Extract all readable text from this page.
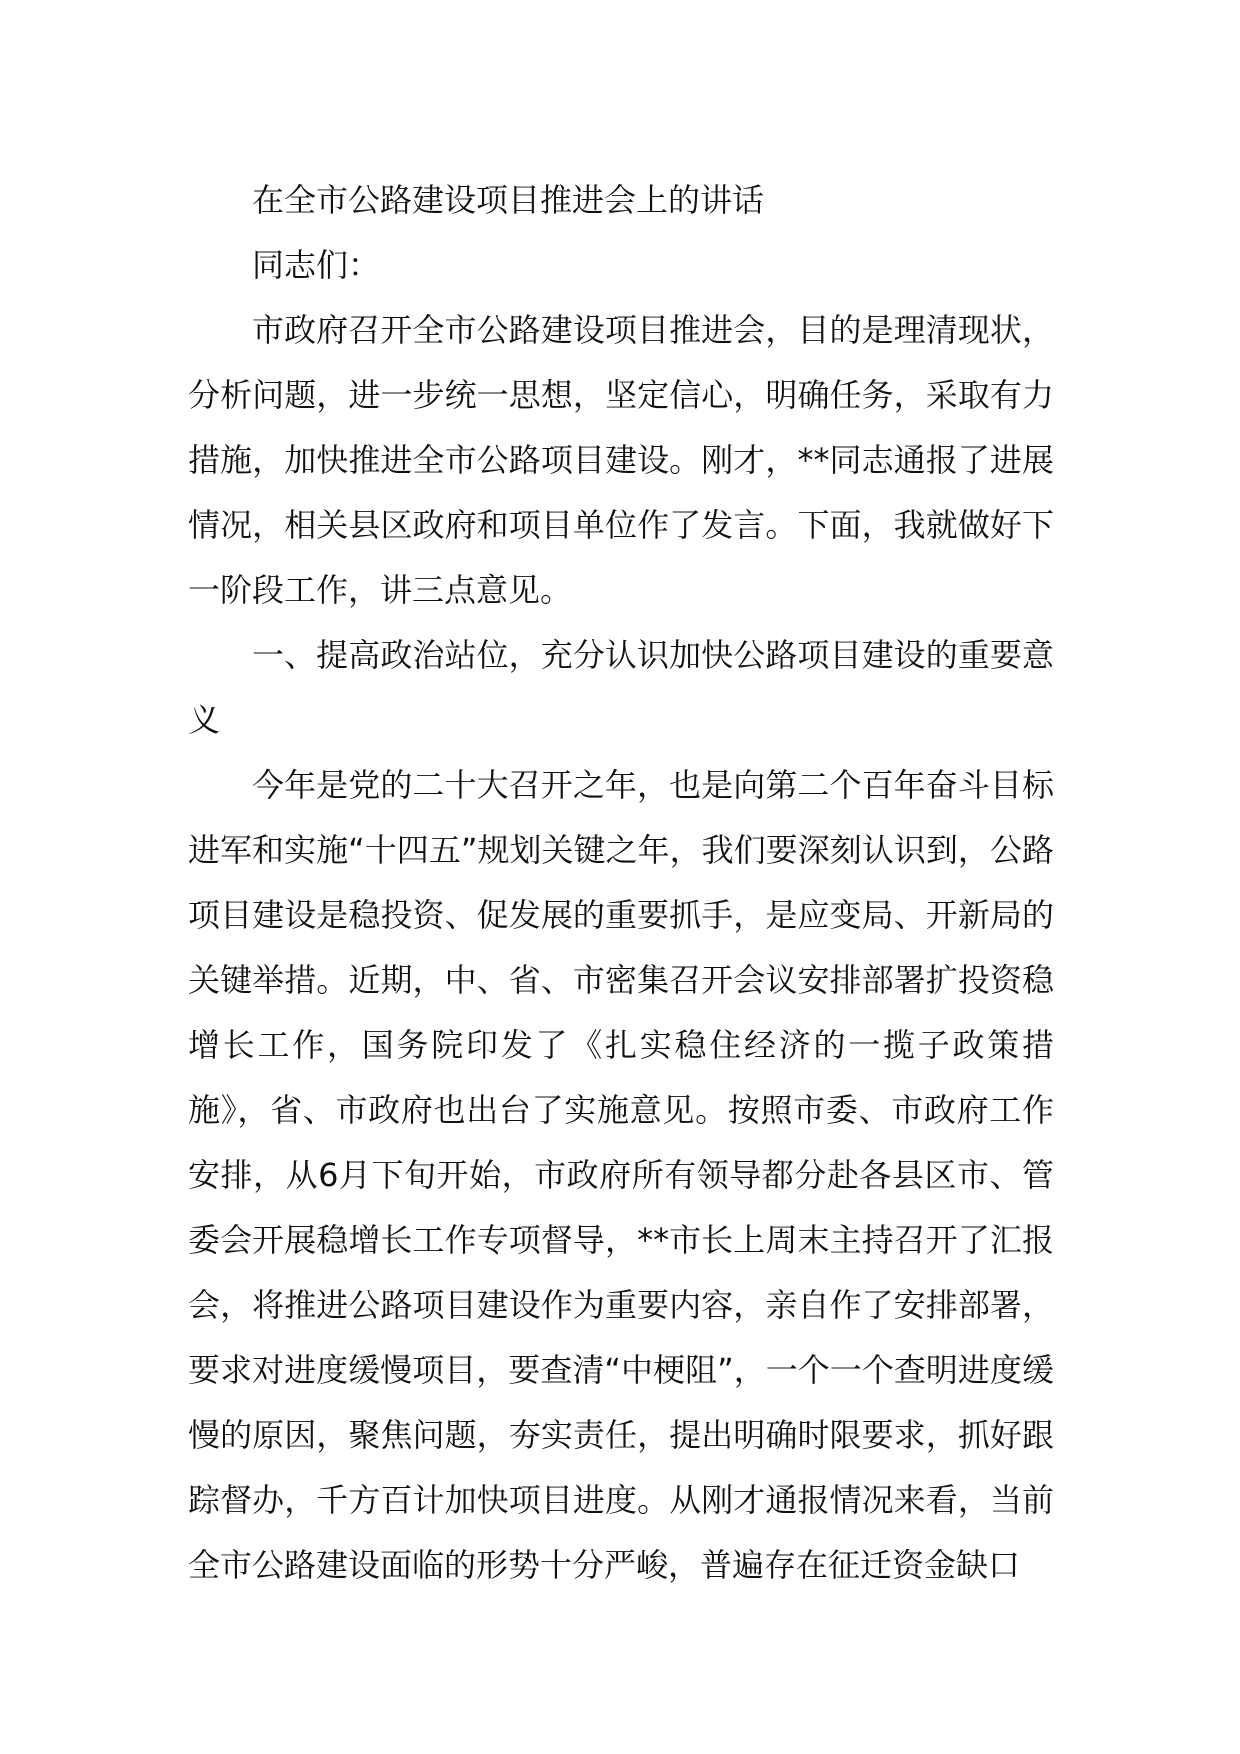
在全市公路建设项目推进会上的讲话

同志们：

市政府召开全市公路建设项目推进会，目的是理清现状，分析问题，进一步统一思想，坚定信心，明确任务，采取有力措施，加快推进全市公路项目建设。刚才，**同志通报了进展情况，相关县区政府和项目单位作了发言。下面，我就做好下一阶段工作，讲三点意见。

一、提高政治站位，充分认识加快公路项目建设的重要意义

今年是党的二十大召开之年，也是向第二个百年奋斗目标进军和实施“十四五”规划关键之年，我们要深刻认识到，公路项目建设是稳投资、促发展的重要抓手，是应变局、开新局的关键举措。近期，中、省、市密集召开会议安排部署扩投资稳增长工作，国务院印发了《扎实稳住经济的一揽子政策措施》，省、市政府也出台了实施意见。按照市委、市政府工作安排，从6月下旬开始，市政府所有领导都分赴各县区市、管委会开展稳增长工作专项督导，**市长上周末主持召开了汇报会，将推进公路项目建设作为重要内容，亲自作了安排部署，要求对进度缓慢项目，要查清“中梗阻”，一个一个查明进度缓慢的原因，聚焦问题，夯实责任，提出明确时限要求，抓好跟踪督办，千方百计加快项目进度。从刚才通报情况来看，当前全市公路建设面临的形势十分严峻，普遍存在征迁资金缺口
